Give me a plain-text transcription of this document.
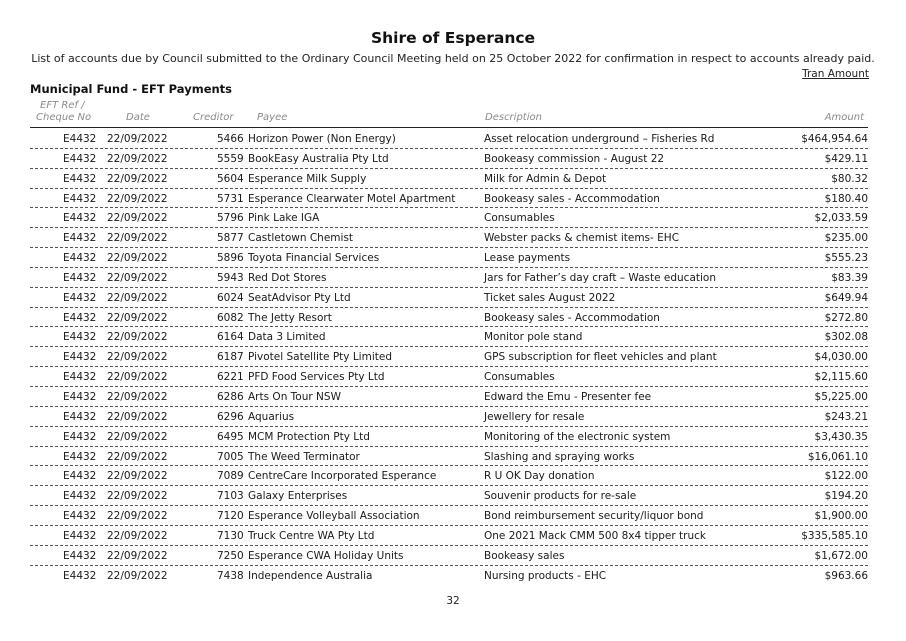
Shire of Esperance
List of accounts due by Council submitted to the Ordinary Council Meeting held on 25 October 2022 for confirmation in respect to accounts already paid.
Tran Amount
Municipal Fund - EFT Payments
EFT Ref /
Cheque No	Date	Creditor Payee	Description	Amount
E4432 22/09/2022	5466 Horizon Power (Non Energy)	Asset relocation underground – Fisheries Rd	$464,954.64
E4432 22/09/2022	5559 BookEasy Australia Pty Ltd	Bookeasy commission - August 22	$429.11
E4432 22/09/2022	5604 Esperance Milk Supply	Milk for Admin & Depot	$80.32
E4432 22/09/2022	5731 Esperance Clearwater Motel Apartment	Bookeasy sales - Accommodation	$180.40
E4432 22/09/2022	5796 Pink Lake IGA	Consumables	$2,033.59
E4432 22/09/2022	5877 Castletown Chemist	Webster packs & chemist items- EHC	$235.00
E4432 22/09/2022	5896 Toyota Financial Services	Lease payments	$555.23
E4432 22/09/2022	5943 Red Dot Stores	Jars for Father’s day craft – Waste education	$83.39
E4432 22/09/2022	6024 SeatAdvisor Pty Ltd	Ticket sales August 2022	$649.94
E4432 22/09/2022	6082 The Jetty Resort	Bookeasy sales - Accommodation	$272.80
E4432 22/09/2022	6164 Data 3 Limited	Monitor pole stand	$302.08
E4432 22/09/2022	6187 Pivotel Satellite Pty Limited	GPS subscription for fleet vehicles and plant	$4,030.00
E4432 22/09/2022	6221 PFD Food Services Pty Ltd	Consumables	$2,115.60
E4432 22/09/2022	6286 Arts On Tour NSW	Edward the Emu - Presenter fee	$5,225.00
E4432 22/09/2022	6296 Aquarius	Jewellery for resale	$243.21
E4432 22/09/2022	6495 MCM Protection Pty Ltd	Monitoring of the electronic system	$3,430.35
E4432 22/09/2022	7005 The Weed Terminator	Slashing and spraying works	$16,061.10
E4432 22/09/2022	7089 CentreCare Incorporated Esperance	R U OK Day donation	$122.00
E4432 22/09/2022	7103 Galaxy Enterprises	Souvenir products for re-sale	$194.20
E4432 22/09/2022	7120 Esperance Volleyball Association	Bond reimbursement security/liquor bond	$1,900.00
E4432 22/09/2022	7130 Truck Centre WA Pty Ltd	One 2021 Mack CMM 500 8x4 tipper truck	$335,585.10
E4432 22/09/2022	7250 Esperance CWA Holiday Units	Bookeasy sales	$1,672.00
E4432 22/09/2022	7438 Independence Australia	Nursing products - EHC	$963.66
32
